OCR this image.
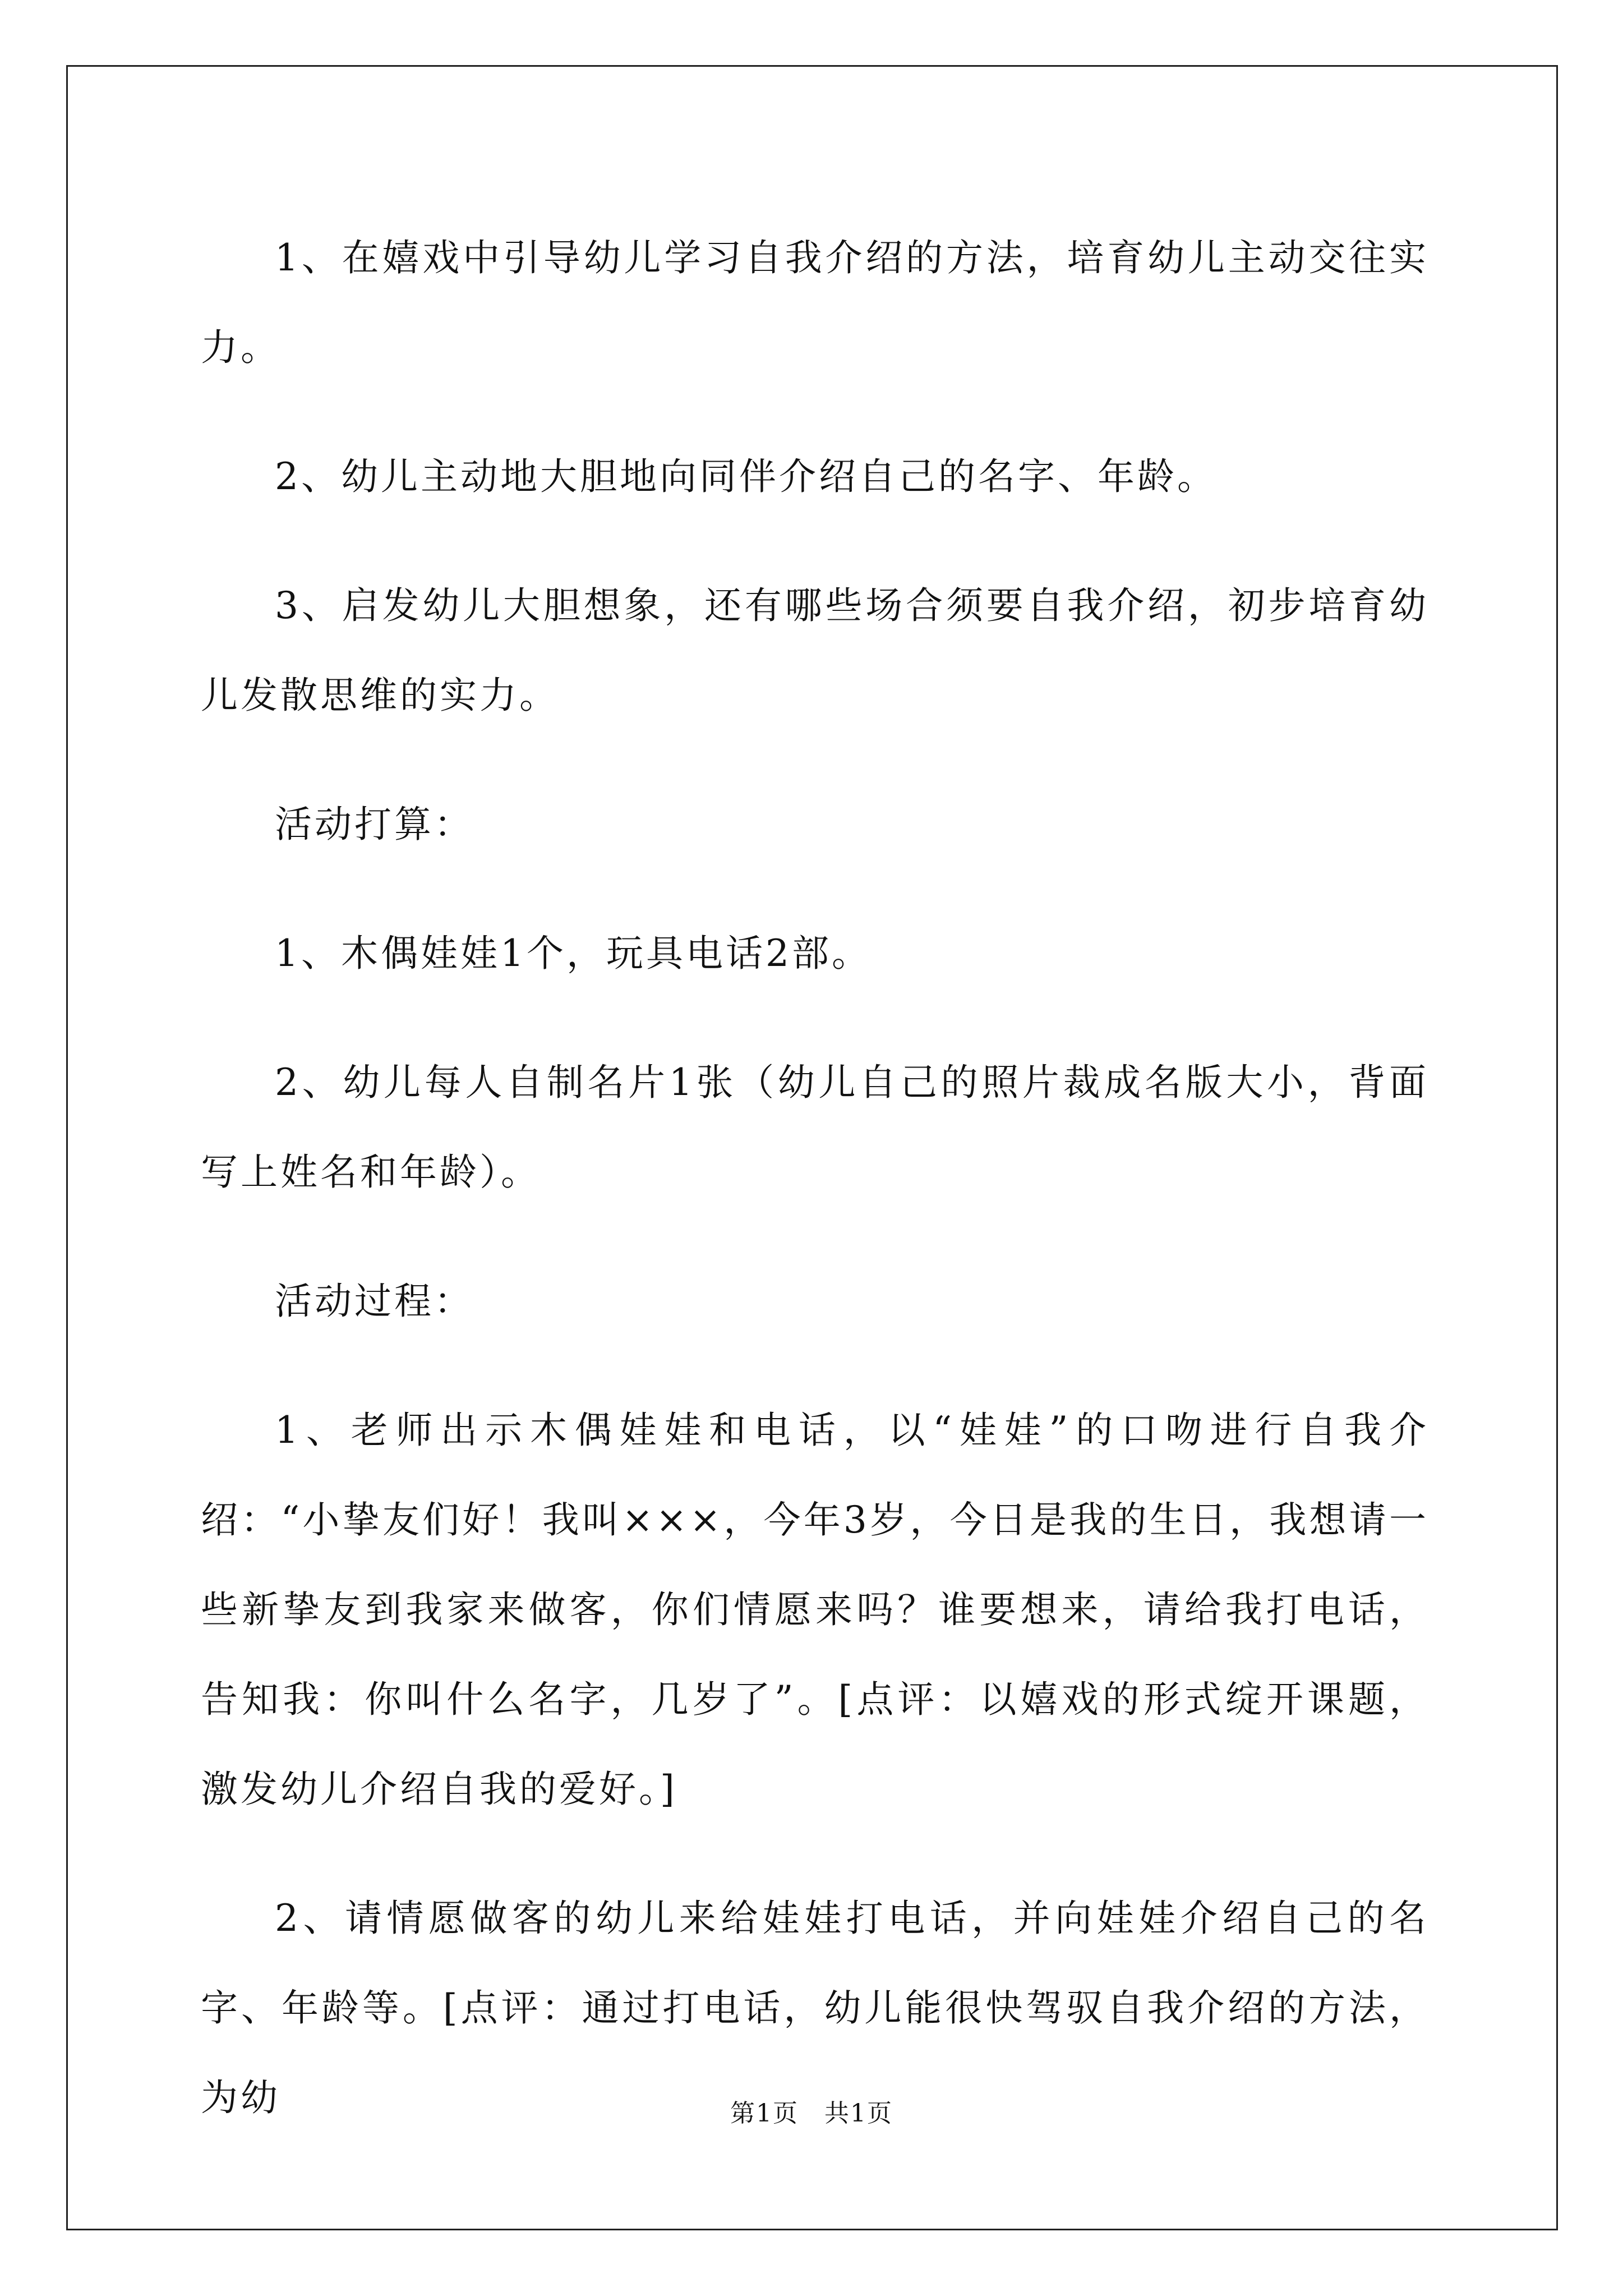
1、在嬉戏中引导幼儿学习自我介绍的方法，培育幼儿主动交往实力。

2、幼儿主动地大胆地向同伴介绍自己的名字、年龄。

3、启发幼儿大胆想象，还有哪些场合须要自我介绍，初步培育幼儿发散思维的实力。

活动打算：

1、木偶娃娃1个，玩具电话2部。

2、幼儿每人自制名片1张（幼儿自己的照片裁成名版大小，背面写上姓名和年龄）。

活动过程：

1、老师出示木偶娃娃和电话，以“娃娃”的口吻进行自我介绍：“小挚友们好！我叫×××，今年3岁，今日是我的生日，我想请一些新挚友到我家来做客，你们情愿来吗？谁要想来，请给我打电话，告知我：你叫什么名字，几岁了”。[点评：以嬉戏的形式绽开课题，激发幼儿介绍自我的爱好。]

2、请情愿做客的幼儿来给娃娃打电话，并向娃娃介绍自己的名字、年龄等。[点评：通过打电话，幼儿能很快驾驭自我介绍的方法，为幼	第1页　共1页
